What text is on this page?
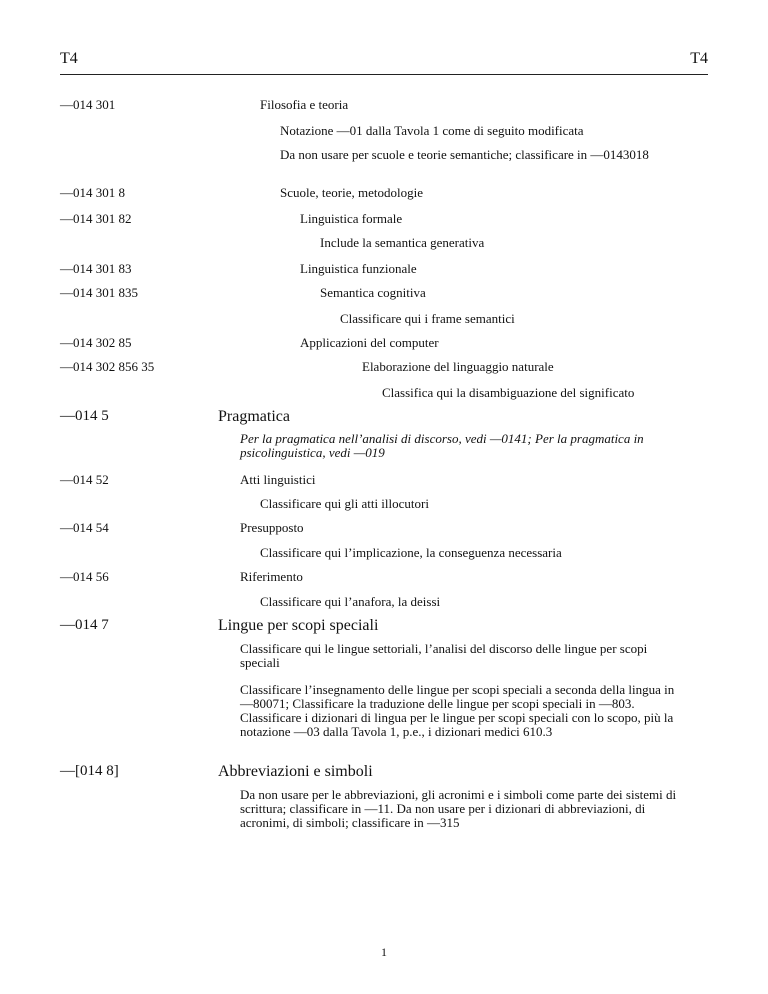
T4	T4
—014 301	Filosofia e teoria
Notazione —01 dalla Tavola 1 come di seguito modificata
Da non usare per scuole e teorie semantiche; classificare in —0143018
—014 301 8	Scuole, teorie, metodologie
—014 301 82	Linguistica formale
Include la semantica generativa
—014 301 83	Linguistica funzionale
—014 301 835	Semantica cognitiva
Classificare qui i frame semantici
—014 302 85	Applicazioni del computer
—014 302 856 35	Elaborazione del linguaggio naturale
Classifica qui la disambiguazione del significato
—014 5	Pragmatica
Per la pragmatica nell’analisi di discorso, vedi —0141; Per la pragmatica in psicolinguistica, vedi —019
—014 52	Atti linguistici
Classificare qui gli atti illocutori
—014 54	Presupposto
Classificare qui l’implicazione, la conseguenza necessaria
—014 56	Riferimento
Classificare qui l’anafora, la deissi
—014 7	Lingue per scopi speciali
Classificare qui le lingue settoriali, l’analisi del discorso delle lingue per scopi speciali
Classificare l’insegnamento delle lingue per scopi speciali a seconda della lingua in —80071; Classificare la traduzione delle lingue per scopi speciali in —803. Classificare i dizionari di lingua per le lingue per scopi speciali con lo scopo, più la notazione —03 dalla Tavola 1, p.e., i dizionari medici 610.3
—[014 8]	Abbreviazioni e simboli
Da non usare per le abbreviazioni, gli acronimi e i simboli come parte dei sistemi di scrittura; classificare in —11. Da non usare per i dizionari di abbreviazioni, di acronimi, di simboli; classificare in —315
1
